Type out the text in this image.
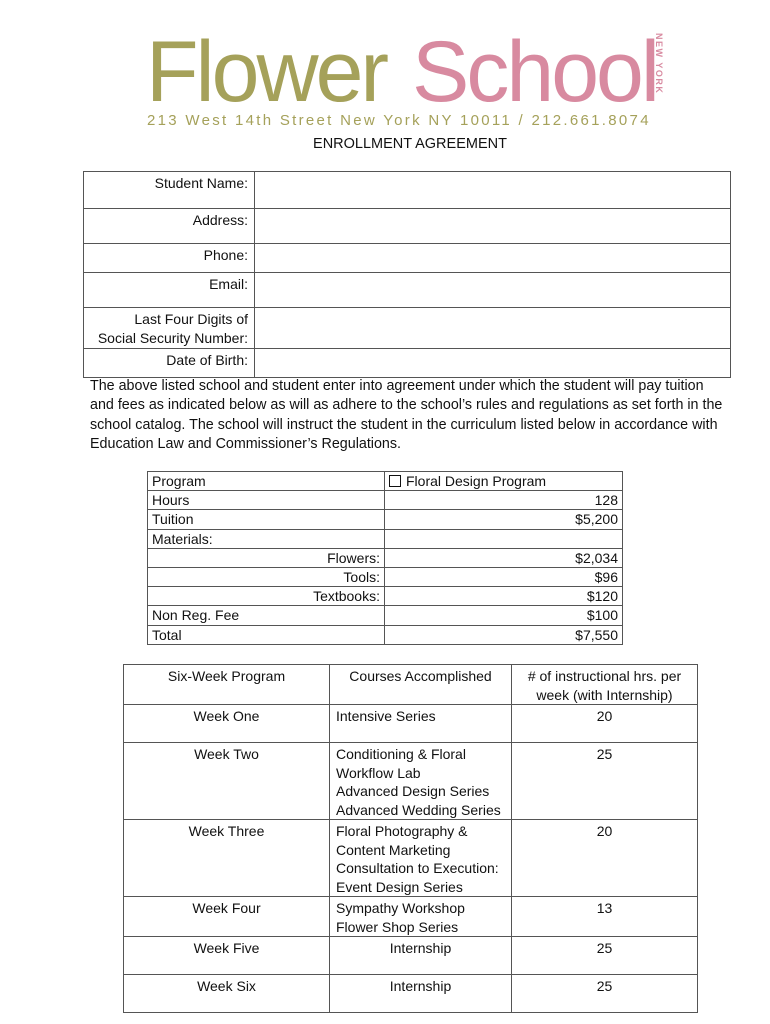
Flower School
NEW YORK
213 West 14th Street New York NY 10011 / 212.661.8074
ENROLLMENT AGREEMENT
Student Name:	
Address:	
Phone:	
Email:	

Last Four Digits of
Social Security Number:	

Date of Birth:	
The above listed school and student enter into agreement under which the student will pay tuition and fees as indicated below as will as adhere to the school’s rules and regulations as set forth in the school catalog. The school will instruct the student in the curriculum listed below in accordance with Education Law and Commissioner’s Regulations.
Program	Floral Design Program
Hours	128
Tuition	$5,200
Materials:	
Flowers:	$2,034
Tools:	$96
Textbooks:	$120
Non Reg. Fee	$100
Total	$7,550
Six-Week Program	Courses Accomplished	# of instructional hrs. per
week (with Internship)

Week One	Intensive Series	20
Week Two	Conditioning & Floral
Workflow Lab
Advanced Design Series
Advanced Wedding Series	25
Week Three	Floral Photography &
Content Marketing
Consultation to Execution:
Event Design Series	20
Week Four	Sympathy Workshop
Flower Shop Series	13
Week Five	Internship	25
Week Six	Internship	25
